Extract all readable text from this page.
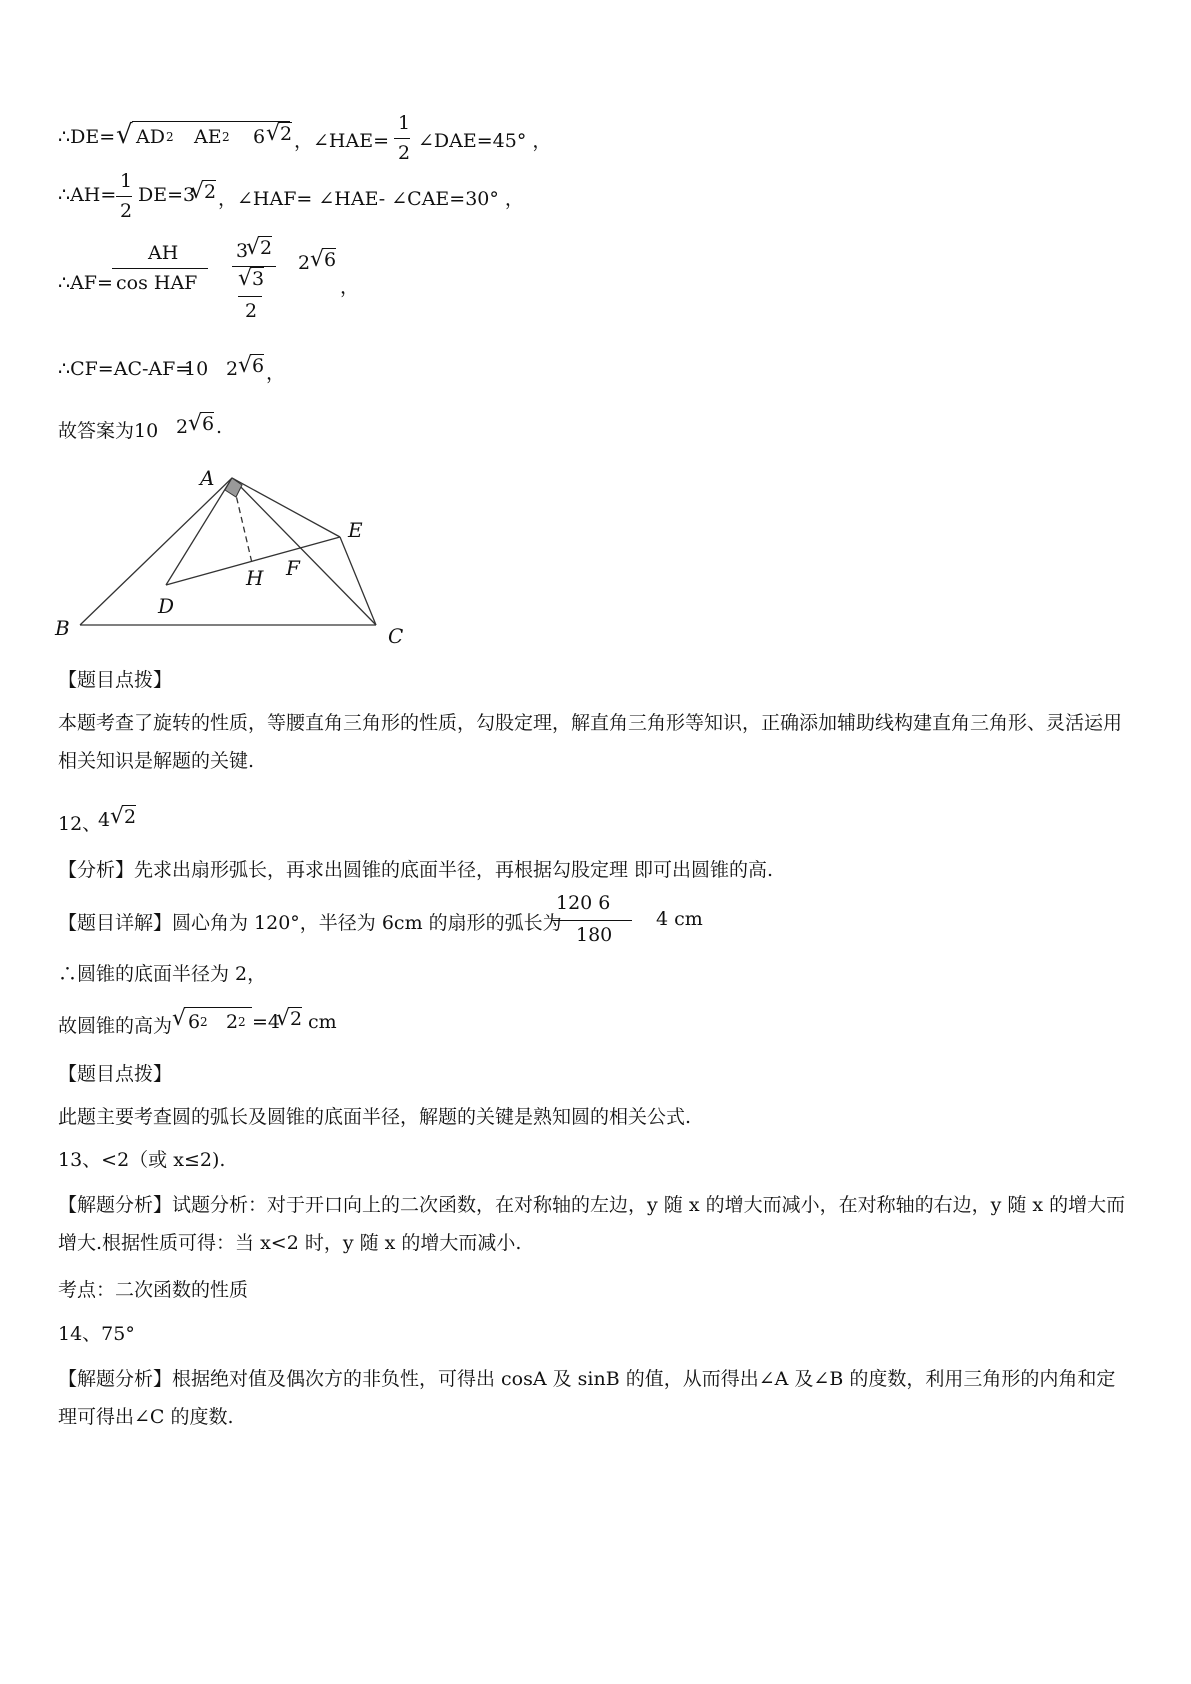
∴DE= √ AD 2 AE 2 6 √ 2 ，∠HAE=
1
2
∠DAE=45° ，
∴AH=
1
2
DE=3
√ 2 ，∠HAF= ∠HAE- ∠CAE=30° ，
∴AF=
AH
cos HAF
3
√ 2
√ 3
2
2 √ 6
，
∴CF=AC-AF=
10 2 √ 6 ，
故答案为10 2 √ 6 .
A
B	C
D
E
F
H
【题目点拨】
本题考查了旋转的性质，等腰直角三角形的性质，勾股定理，解直角三角形等知识，正确添加辅助线构建直角三角形、灵活运用相关知识是解题的关键.
12、
4 √ 2
【分析】先求出扇形弧长，再求出圆锥的底面半径，再根据勾股定理 即可出圆锥的高.
【题目详解】圆心角为 120°，半径为 6cm 的扇形的弧长为
120 6
180
4 cm
∴圆锥的底面半径为 2，
故圆锥的高为 √ 6 2 2 2 =4
√ 2 cm
【题目点拨】
此题主要考查圆的弧长及圆锥的底面半径，解题的关键是熟知圆的相关公式.
13、<2（或 x≤2).
【解题分析】试题分析：对于开口向上的二次函数，在对称轴的左边，y 随 x 的增大而减小，在对称轴的右边，y 随 x 的增大而增大.根据性质可得：当 x<2 时，y 随 x 的增大而减小.
考点：二次函数的性质
14、75°
【解题分析】根据绝对值及偶次方的非负性，可得出 cosA 及 sinB 的值，从而得出∠A 及∠B 的度数，利用三角形的内角和定理可得出∠C 的度数.
